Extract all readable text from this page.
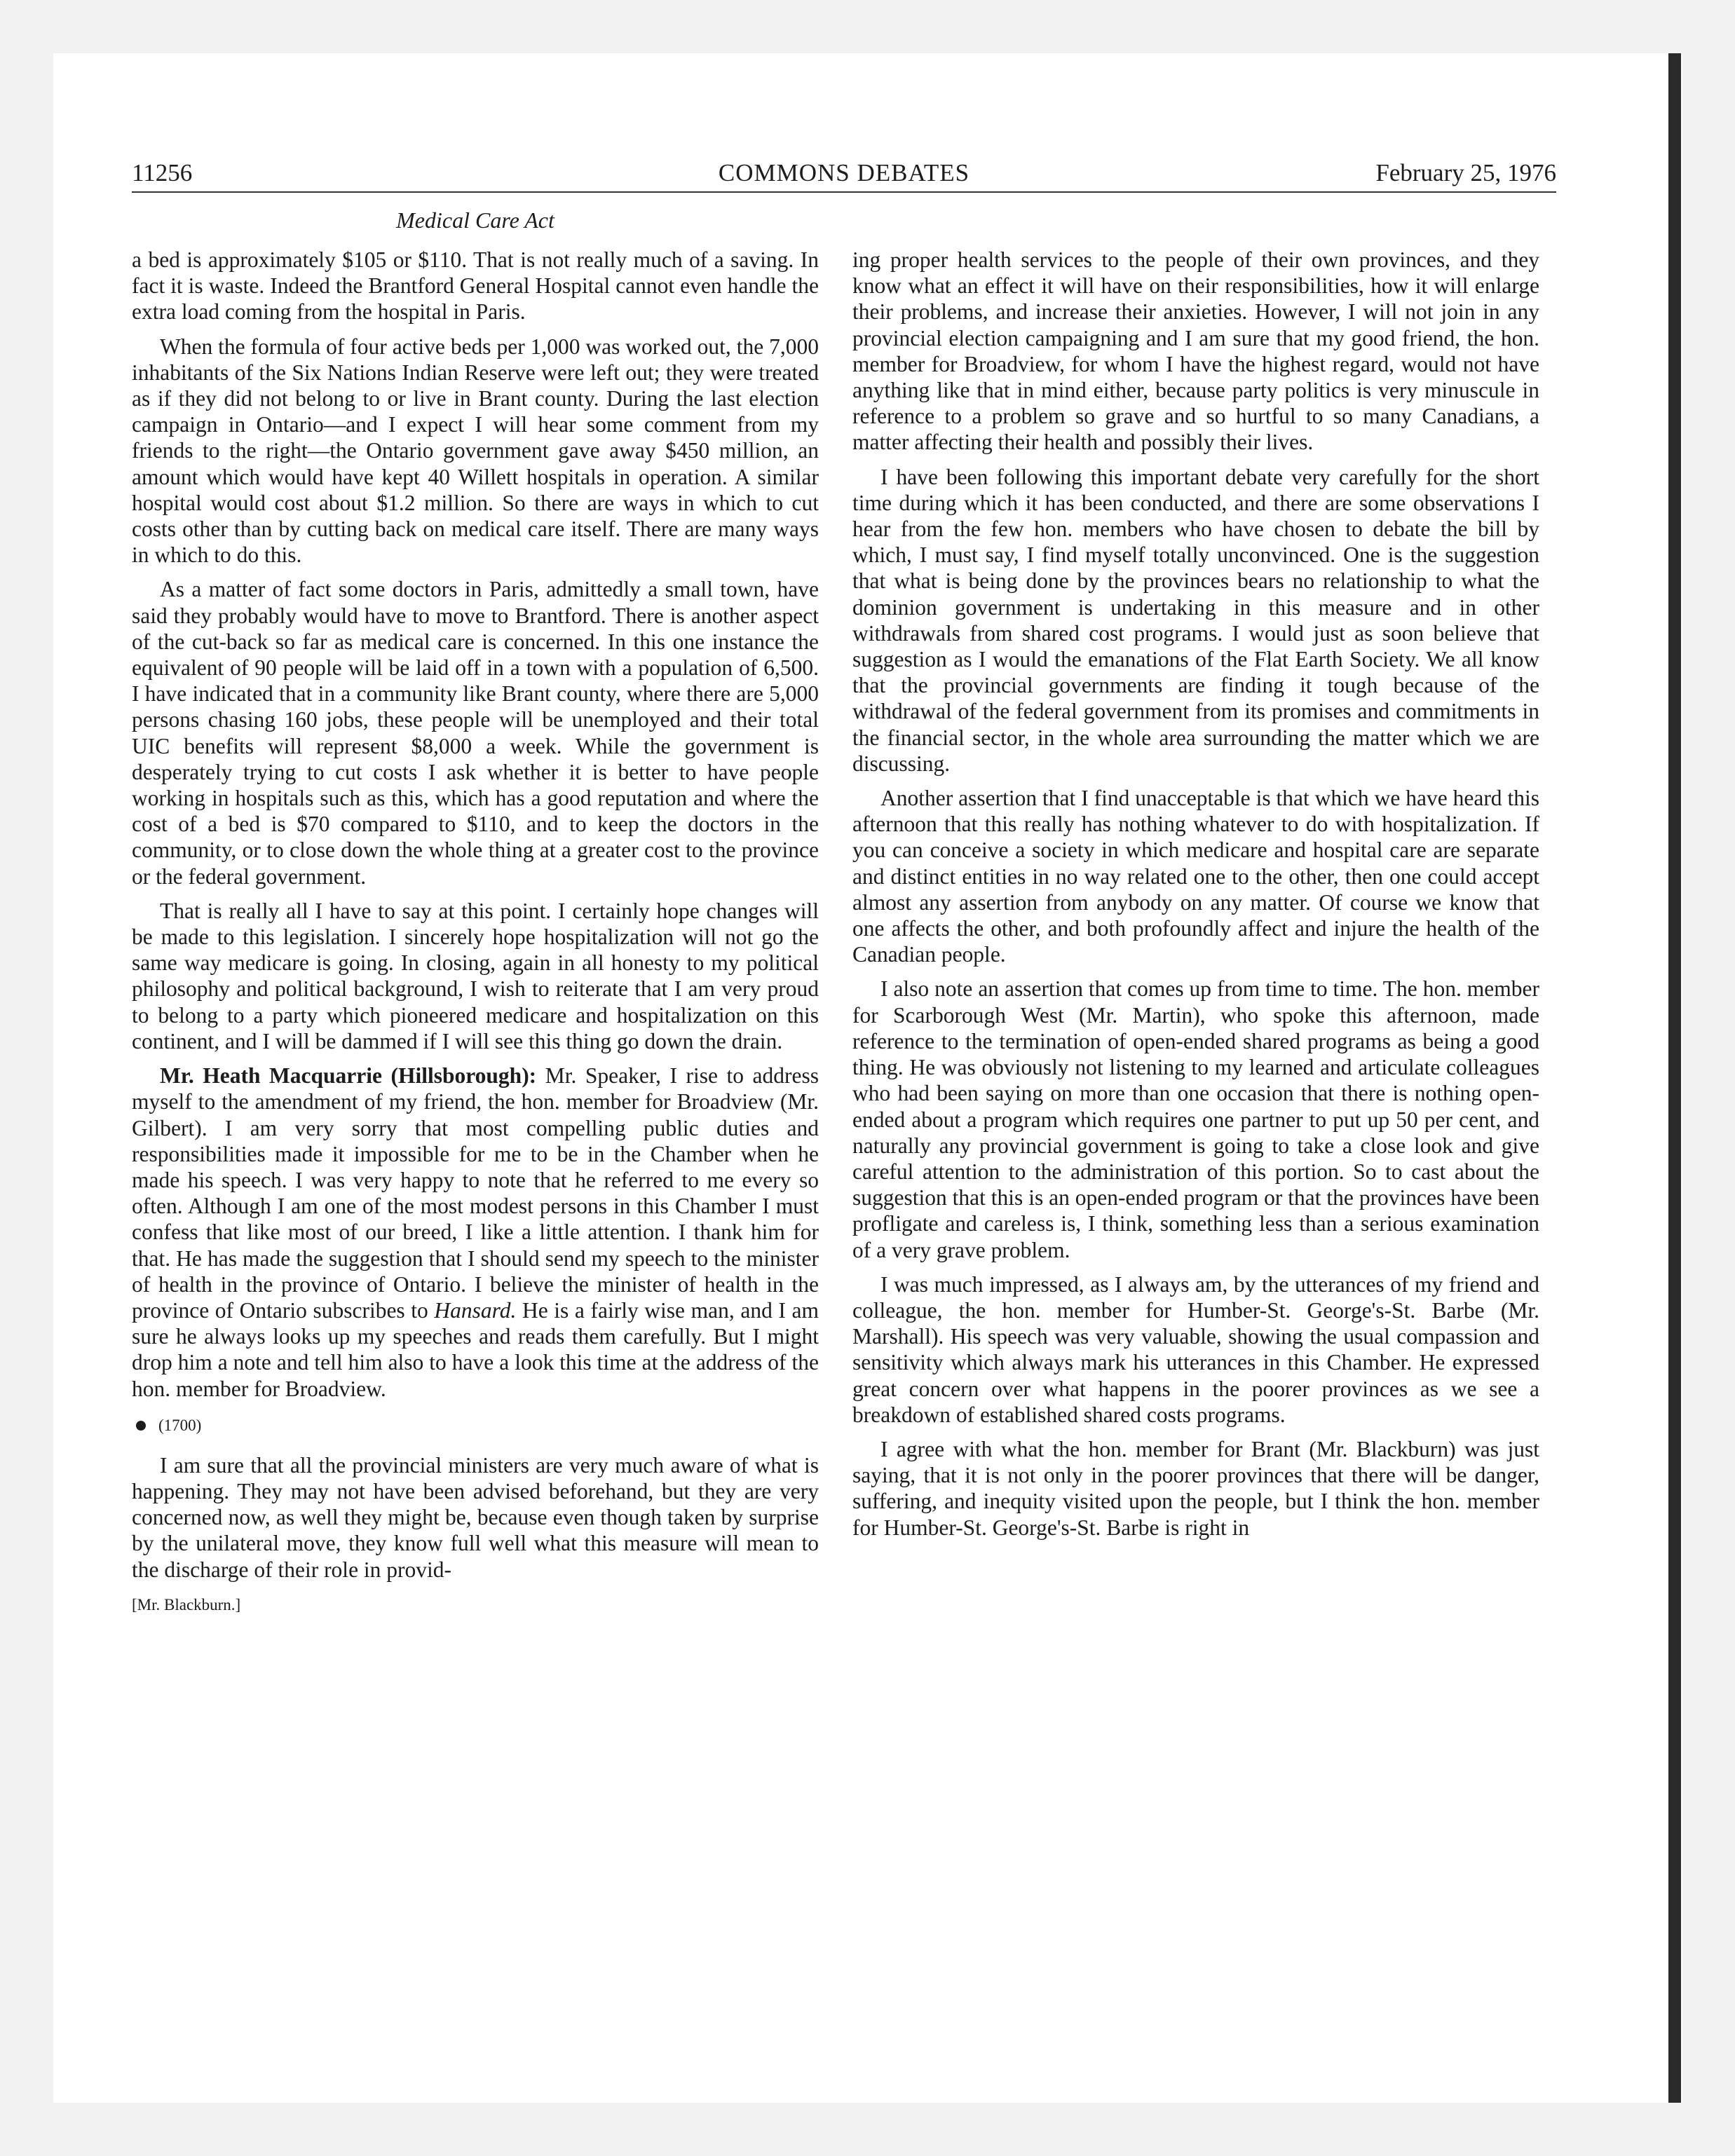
11256	COMMONS DEBATES	February 25, 1976
Medical Care Act

a bed is approximately $105 or $110. That is not really much of a saving. In fact it is waste. Indeed the Brantford General Hospital cannot even handle the extra load coming from the hospital in Paris.

When the formula of four active beds per 1,000 was worked out, the 7,000 inhabitants of the Six Nations Indian Reserve were left out; they were treated as if they did not belong to or live in Brant county. During the last election campaign in Ontario—and I expect I will hear some comment from my friends to the right—the Ontario government gave away $450 million, an amount which would have kept 40 Willett hospitals in operation. A similar hospital would cost about $1.2 million. So there are ways in which to cut costs other than by cutting back on medical care itself. There are many ways in which to do this.

As a matter of fact some doctors in Paris, admittedly a small town, have said they probably would have to move to Brantford. There is another aspect of the cut-back so far as medical care is concerned. In this one instance the equivalent of 90 people will be laid off in a town with a population of 6,500. I have indicated that in a community like Brant county, where there are 5,000 persons chasing 160 jobs, these people will be unemployed and their total UIC benefits will represent $8,000 a week. While the government is desperately trying to cut costs I ask whether it is better to have people working in hospitals such as this, which has a good reputation and where the cost of a bed is $70 compared to $110, and to keep the doctors in the community, or to close down the whole thing at a greater cost to the province or the federal government.

That is really all I have to say at this point. I certainly hope changes will be made to this legislation. I sincerely hope hospitalization will not go the same way medicare is going. In closing, again in all honesty to my political philosophy and political background, I wish to reiterate that I am very proud to belong to a party which pioneered medicare and hospitalization on this continent, and I will be dammed if I will see this thing go down the drain.

Mr. Heath Macquarrie (Hillsborough): Mr. Speaker, I rise to address myself to the amendment of my friend, the hon. member for Broadview (Mr. Gilbert). I am very sorry that most compelling public duties and responsibilities made it impossible for me to be in the Chamber when he made his speech. I was very happy to note that he referred to me every so often. Although I am one of the most modest persons in this Chamber I must confess that like most of our breed, I like a little attention. I thank him for that. He has made the suggestion that I should send my speech to the minister of health in the province of Ontario. I believe the minister of health in the province of Ontario subscribes to Hansard. He is a fairly wise man, and I am sure he always looks up my speeches and reads them carefully. But I might drop him a note and tell him also to have a look this time at the address of the hon. member for Broadview.

(1700)

I am sure that all the provincial ministers are very much aware of what is happening. They may not have been advised beforehand, but they are very concerned now, as well they might be, because even though taken by surprise by the unilateral move, they know full well what this measure will mean to the discharge of their role in provid-

[Mr. Blackburn.]

ing proper health services to the people of their own provinces, and they know what an effect it will have on their responsibilities, how it will enlarge their problems, and increase their anxieties. However, I will not join in any provincial election campaigning and I am sure that my good friend, the hon. member for Broadview, for whom I have the highest regard, would not have anything like that in mind either, because party politics is very minuscule in reference to a problem so grave and so hurtful to so many Canadians, a matter affecting their health and possibly their lives.

I have been following this important debate very carefully for the short time during which it has been conducted, and there are some observations I hear from the few hon. members who have chosen to debate the bill by which, I must say, I find myself totally unconvinced. One is the suggestion that what is being done by the provinces bears no relationship to what the dominion government is undertaking in this measure and in other withdrawals from shared cost programs. I would just as soon believe that suggestion as I would the emanations of the Flat Earth Society. We all know that the provincial governments are finding it tough because of the withdrawal of the federal government from its promises and commitments in the financial sector, in the whole area surrounding the matter which we are discussing.

Another assertion that I find unacceptable is that which we have heard this afternoon that this really has nothing whatever to do with hospitalization. If you can conceive a society in which medicare and hospital care are separate and distinct entities in no way related one to the other, then one could accept almost any assertion from anybody on any matter. Of course we know that one affects the other, and both profoundly affect and injure the health of the Canadian people.

I also note an assertion that comes up from time to time. The hon. member for Scarborough West (Mr. Martin), who spoke this afternoon, made reference to the termination of open-ended shared programs as being a good thing. He was obviously not listening to my learned and articulate colleagues who had been saying on more than one occasion that there is nothing open-ended about a program which requires one partner to put up 50 per cent, and naturally any provincial government is going to take a close look and give careful attention to the administration of this portion. So to cast about the suggestion that this is an open-ended program or that the provinces have been profligate and careless is, I think, something less than a serious examination of a very grave problem.

I was much impressed, as I always am, by the utterances of my friend and colleague, the hon. member for Humber-St. George's-St. Barbe (Mr. Marshall). His speech was very valuable, showing the usual compassion and sensitivity which always mark his utterances in this Chamber. He expressed great concern over what happens in the poorer provinces as we see a breakdown of established shared costs programs.

I agree with what the hon. member for Brant (Mr. Blackburn) was just saying, that it is not only in the poorer provinces that there will be danger, suffering, and inequity visited upon the people, but I think the hon. member for Humber-St. George's-St. Barbe is right in
